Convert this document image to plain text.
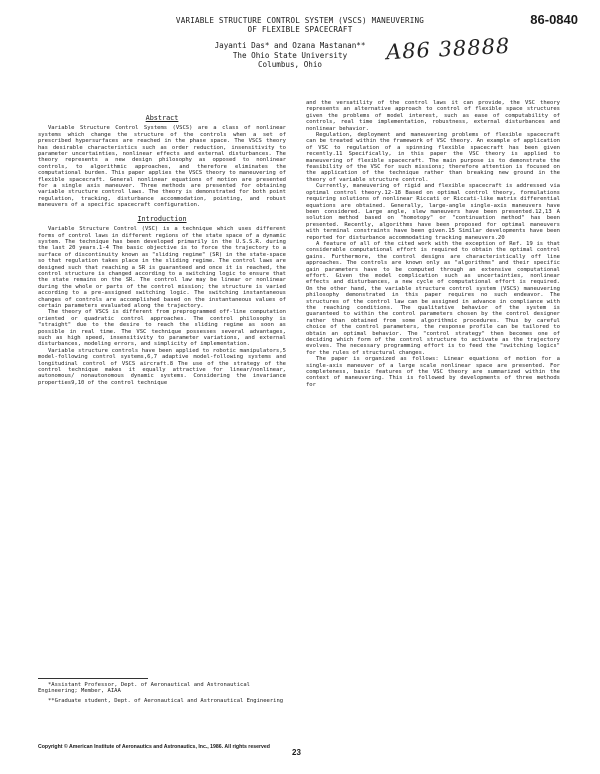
86-0840
VARIABLE STRUCTURE CONTROL SYSTEM (VSCS) MANEUVERING
OF FLEXIBLE SPACECRAFT
Jayanti Das* and Ozana Mastanan**
The Ohio State University
Columbus, Ohio
A86 38888
Abstract

Variable Structure Control Systems (VSCS) are a class of nonlinear systems which change the structure of the controls when a set of prescribed hypersurfaces are reached in the phase space. The VSCS theory has desirable characteristics such as order reduction, insensitivity to parameter uncertainties, nonlinear effects and external disturbances. The theory represents a new design philosophy as opposed to nonlinear controls, to algorithmic approaches, and therefore eliminates the computational burden. This paper applies the VSCS theory to maneuvering of flexible spacecraft. General nonlinear equations of motion are presented for a single axis maneuver. Three methods are presented for obtaining variable structure control laws. The theory is demonstrated for both point regulation, tracking, disturbance accommodation, pointing, and robust maneuvers of a specific spacecraft configuration.

Introduction

Variable Structure Control (VSC) is a technique which uses different forms of control laws in different regions of the state space of a dynamic system. The technique has been developed primarily in the U.S.S.R. during the last 20 years.1-4 The basic objective is to force the trajectory to a surface of discontinuity known as "sliding regime" (SR) in the state-space so that regulation takes place in the sliding regime. The control laws are designed such that reaching a SR is guaranteed and once it is reached, the control structure is changed according to a switching logic to ensure that the state remains on the SR. The control law may be linear or nonlinear during the whole or parts of the control mission; the structure is varied according to a pre-assigned switching logic. The switching instantaneous changes of controls are accomplished based on the instantaneous values of certain parameters evaluated along the trajectory.

The theory of VSCS is different from preprogrammed off-line computation oriented or quadratic control approaches. The control philosophy is "straight" due to the desire to reach the sliding regime as soon as possible in real time. The VSC technique possesses several advantages, such as high speed, insensitivity to parameter variations, and external disturbances, modeling errors, and simplicity of implementation.

Variable structure controls have been applied to robotic manipulators,5 model-following control systems,6,7 adaptive model-following systems and longitudinal control of VSCS aircraft.8 The use of the strategy of the control technique makes it equally attractive for linear/nonlinear, autonomous/ nonautonomous dynamic systems. Considering the invariance properties9,10 of the control technique

and the versatility of the control laws it can provide, the VSC theory represents an alternative approach to control of flexible space structures given the problems of model interest, such as ease of computability of controls, real time implementation, robustness, external disturbances and nonlinear behavior.

Regulation, deployment and maneuvering problems of flexible spacecraft can be treated within the framework of VSC theory. An example of application of VSC to regulation of a spinning flexible spacecraft has been given recently.11 Specifically, in this paper the VSC theory is applied to maneuvering of flexible spacecraft. The main purpose is to demonstrate the feasibility of the VSC for such missions; therefore attention is focused on the application of the technique rather than breaking new ground in the theory of variable structure control.

Currently, maneuvering of rigid and flexible spacecraft is addressed via optimal control theory.12-18 Based on optimal control theory, formulations requiring solutions of nonlinear Riccati or Riccati-like matrix differential equations are obtained. Generally, large-angle single-axis maneuvers have been considered. Large angle, slew maneuvers have been presented.12,13 A solution method based on "homotopy" or "continuation method" has been presented. Recently, algorithms have been proposed for optimal maneuvers with terminal constraints have been given.15 Similar developments have been reported for disturbance accommodating tracking maneuvers.20

A feature of all of the cited work with the exception of Ref. 19 is that considerable computational effort is required to obtain the optimal control gains. Furthermore, the control designs are characteristically off line approaches. The controls are known only as "algorithms" and their specific gain parameters have to be computed through an extensive computational effort. Given the model complication such as uncertainties, nonlinear effects and disturbances, a new cycle of computational effort is required. On the other hand, the variable structure control system (VSCS) maneuvering philosophy demonstrated in this paper requires no such endeavor. The structures of the control law can be assigned in advance in compliance with the reaching conditions. The qualitative behavior of the system is guaranteed to within the control parameters chosen by the control designer rather than obtained from some algorithmic procedures. Thus by careful choice of the control parameters, the response profile can be tailored to obtain an optimal behavior. The "control strategy" then becomes one of deciding which form of the control structure to activate as the trajectory evolves. The necessary programming effort is to feed the "switching logics" for the rules of structural changes.

The paper is organized as follows: Linear equations of motion for a single-axis maneuver of a large scale nonlinear space are presented. For completeness, basic features of the VSC theory are summarized within the context of maneuvering. This is followed by developments of three methods for

*Assistant Professor, Dept. of Aeronautical and Astronautical Engineering; Member, AIAA

**Graduate student, Dept. of Aeronautical and Astronautical Engineering

Copyright © American Institute of Aeronautics and Astronautics, Inc., 1986. All rights reserved
23
